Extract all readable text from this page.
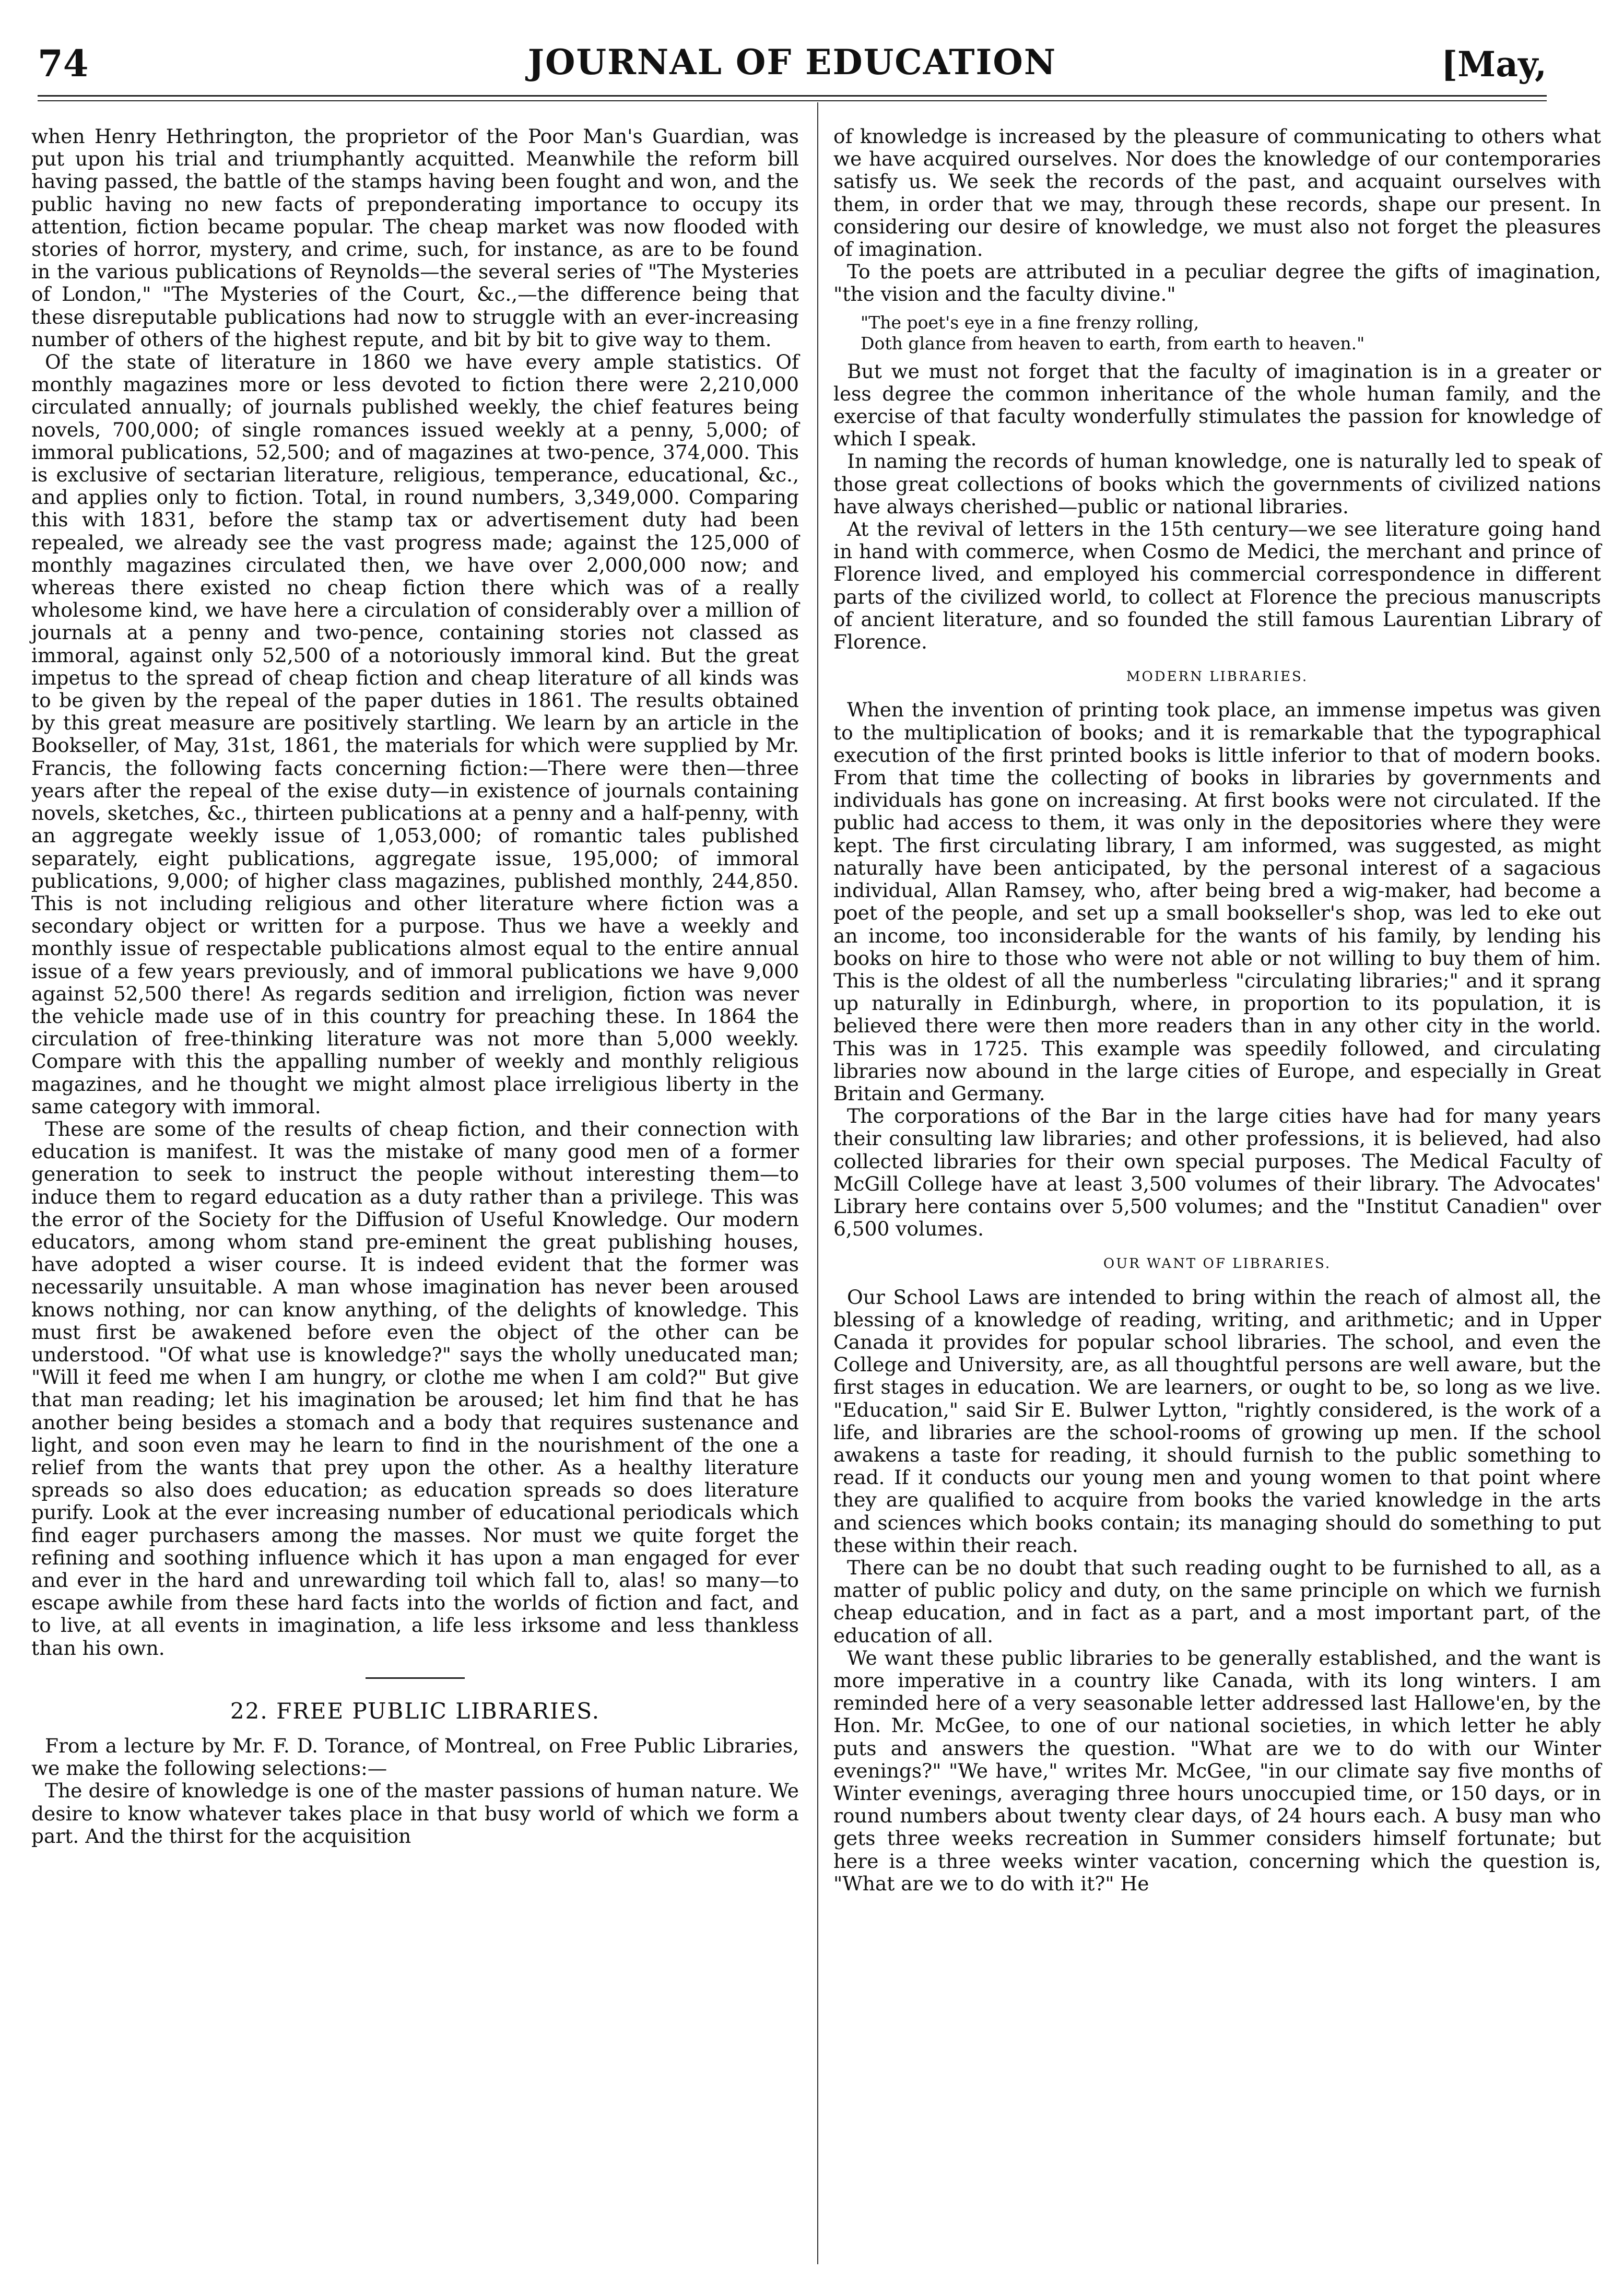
74	JOURNAL OF EDUCATION	[May,

when Henry Hethrington, the proprietor of the Poor Man's Guardian, was put upon his trial and triumphantly acquitted. Meanwhile the reform bill having passed, the battle of the stamps having been fought and won, and the public having no new facts of preponderating importance to occupy its attention, fiction became popular. The cheap market was now flooded with stories of horror, mystery, and crime, such, for instance, as are to be found in the various publications of Reynolds—the several series of "The Mysteries of London," "The Mysteries of the Court, &c.,—the difference being that these disreputable publications had now to struggle with an ever-increasing number of others of the highest repute, and bit by bit to give way to them.

Of the state of literature in 1860 we have every ample statistics. Of monthly magazines more or less devoted to fiction there were 2,210,000 circulated annually; of journals published weekly, the chief features being novels, 700,000; of single romances issued weekly at a penny, 5,000; of immoral publications, 52,500; and of magazines at two-pence, 374,000. This is exclusive of sectarian literature, religious, temperance, educational, &c., and applies only to fiction. Total, in round numbers, 3,349,000. Comparing this with 1831, before the stamp tax or advertisement duty had been repealed, we already see the vast progress made; against the 125,000 of monthly magazines circulated then, we have over 2,000,000 now; and whereas there existed no cheap fiction there which was of a really wholesome kind, we have here a circulation of considerably over a million of journals at a penny and two-pence, containing stories not classed as immoral, against only 52,500 of a notoriously immoral kind. But the great impetus to the spread of cheap fiction and cheap literature of all kinds was to be given by the repeal of the paper duties in 1861. The results obtained by this great measure are positively startling. We learn by an article in the Bookseller, of May, 31st, 1861, the materials for which were supplied by Mr. Francis, the following facts concerning fiction:—There were then—three years after the repeal of the exise duty—in existence of journals containing novels, sketches, &c., thirteen publications at a penny and a half-penny, with an aggregate weekly issue of 1,053,000; of romantic tales published separately, eight publications, aggregate issue, 195,000; of immoral publications, 9,000; of higher class magazines, published monthly, 244,850. This is not including religious and other literature where fiction was a secondary object or written for a purpose. Thus we have a weekly and monthly issue of respectable publications almost equal to the entire annual issue of a few years previously, and of immoral publications we have 9,000 against 52,500 there! As regards sedition and irreligion, fiction was never the vehicle made use of in this country for preaching these. In 1864 the circulation of free-thinking literature was not more than 5,000 weekly. Compare with this the appalling number of weekly and monthly religious magazines, and he thought we might almost place irreligious liberty in the same category with immoral.

These are some of the results of cheap fiction, and their connection with education is manifest. It was the mistake of many good men of a former generation to seek to instruct the people without interesting them—to induce them to regard education as a duty rather than a privilege. This was the error of the Society for the Diffusion of Useful Knowledge. Our modern educators, among whom stand pre-eminent the great publishing houses, have adopted a wiser course. It is indeed evident that the former was necessarily unsuitable. A man whose imagination has never been aroused knows nothing, nor can know anything, of the delights of knowledge. This must first be awakened before even the object of the other can be understood. "Of what use is knowledge?" says the wholly uneducated man; "Will it feed me when I am hungry, or clothe me when I am cold?" But give that man reading; let his imagination be aroused; let him find that he has another being besides a stomach and a body that requires sustenance and light, and soon even may he learn to find in the nourishment of the one a relief from the wants that prey upon the other. As a healthy literature spreads so also does education; as education spreads so does literature purify. Look at the ever increasing number of educational periodicals which find eager purchasers among the masses. Nor must we quite forget the refining and soothing influence which it has upon a man engaged for ever and ever in the hard and unrewarding toil which fall to, alas! so many—to escape awhile from these hard facts into the worlds of fiction and fact, and to live, at all events in imagination, a life less irksome and less thankless than his own.

22. FREE PUBLIC LIBRARIES.

From a lecture by Mr. F. D. Torance, of Montreal, on Free Public Libraries, we make the following selections:—

The desire of knowledge is one of the master passions of human nature. We desire to know whatever takes place in that busy world of which we form a part. And the thirst for the acquisition

of knowledge is increased by the pleasure of communicating to others what we have acquired ourselves. Nor does the knowledge of our contemporaries satisfy us. We seek the records of the past, and acquaint ourselves with them, in order that we may, through these records, shape our present. In considering our desire of knowledge, we must also not forget the pleasures of imagination.

To the poets are attributed in a peculiar degree the gifts of imagination, "the vision and the faculty divine."

"The poet's eye in a fine frenzy rolling,
Doth glance from heaven to earth, from earth to heaven."

But we must not forget that the faculty of imagination is in a greater or less degree the common inheritance of the whole human family, and the exercise of that faculty wonderfully stimulates the passion for knowledge of which I speak.

In naming the records of human knowledge, one is naturally led to speak of those great collections of books which the governments of civilized nations have always cherished—public or national libraries.

At the revival of letters in the 15th century—we see literature going hand in hand with commerce, when Cosmo de Medici, the merchant and prince of Florence lived, and employed his commercial correspondence in different parts of the civilized world, to collect at Florence the precious manuscripts of ancient literature, and so founded the still famous Laurentian Library of Florence.

MODERN LIBRARIES.

When the invention of printing took place, an immense impetus was given to the multiplication of books; and it is remarkable that the typographical execution of the first printed books is little inferior to that of modern books. From that time the collecting of books in libraries by governments and individuals has gone on increasing. At first books were not circulated. If the public had access to them, it was only in the depositories where they were kept. The first circulating library, I am informed, was suggested, as might naturally have been anticipated, by the personal interest of a sagacious individual, Allan Ramsey, who, after being bred a wig-maker, had become a poet of the people, and set up a small bookseller's shop, was led to eke out an income, too inconsiderable for the wants of his family, by lending his books on hire to those who were not able or not willing to buy them of him. This is the oldest of all the numberless "circulating libraries;" and it sprang up naturally in Edinburgh, where, in proportion to its population, it is believed there were then more readers than in any other city in the world. This was in 1725. This example was speedily followed, and circulating libraries now abound in the large cities of Europe, and especially in Great Britain and Germany.

The corporations of the Bar in the large cities have had for many years their consulting law libraries; and other professions, it is believed, had also collected libraries for their own special purposes. The Medical Faculty of McGill College have at least 3,500 volumes of their library. The Advocates' Library here contains over 5,500 volumes; and the "Institut Canadien" over 6,500 volumes.

OUR WANT OF LIBRARIES.

Our School Laws are intended to bring within the reach of almost all, the blessing of a knowledge of reading, writing, and arithmetic; and in Upper Canada it provides for popular school libraries. The school, and even the College and University, are, as all thoughtful persons are well aware, but the first stages in education. We are learners, or ought to be, so long as we live. "Education," said Sir E. Bulwer Lytton, "rightly considered, is the work of a life, and libraries are the school-rooms of growing up men. If the school awakens a taste for reading, it should furnish to the public something to read. If it conducts our young men and young women to that point where they are qualified to acquire from books the varied knowledge in the arts and sciences which books contain; its managing should do something to put these within their reach.

There can be no doubt that such reading ought to be furnished to all, as a matter of public policy and duty, on the same principle on which we furnish cheap education, and in fact as a part, and a most important part, of the education of all.

We want these public libraries to be generally established, and the want is more imperative in a country like Canada, with its long winters. I am reminded here of a very seasonable letter addressed last Hallowe'en, by the Hon. Mr. McGee, to one of our national societies, in which letter he ably puts and answers the question. "What are we to do with our Winter evenings?" "We have," writes Mr. McGee, "in our climate say five months of Winter evenings, averaging three hours unoccupied time, or 150 days, or in round numbers about twenty clear days, of 24 hours each. A busy man who gets three weeks recreation in Summer considers himself fortunate; but here is a three weeks winter vacation, concerning which the question is, "What are we to do with it?" He
